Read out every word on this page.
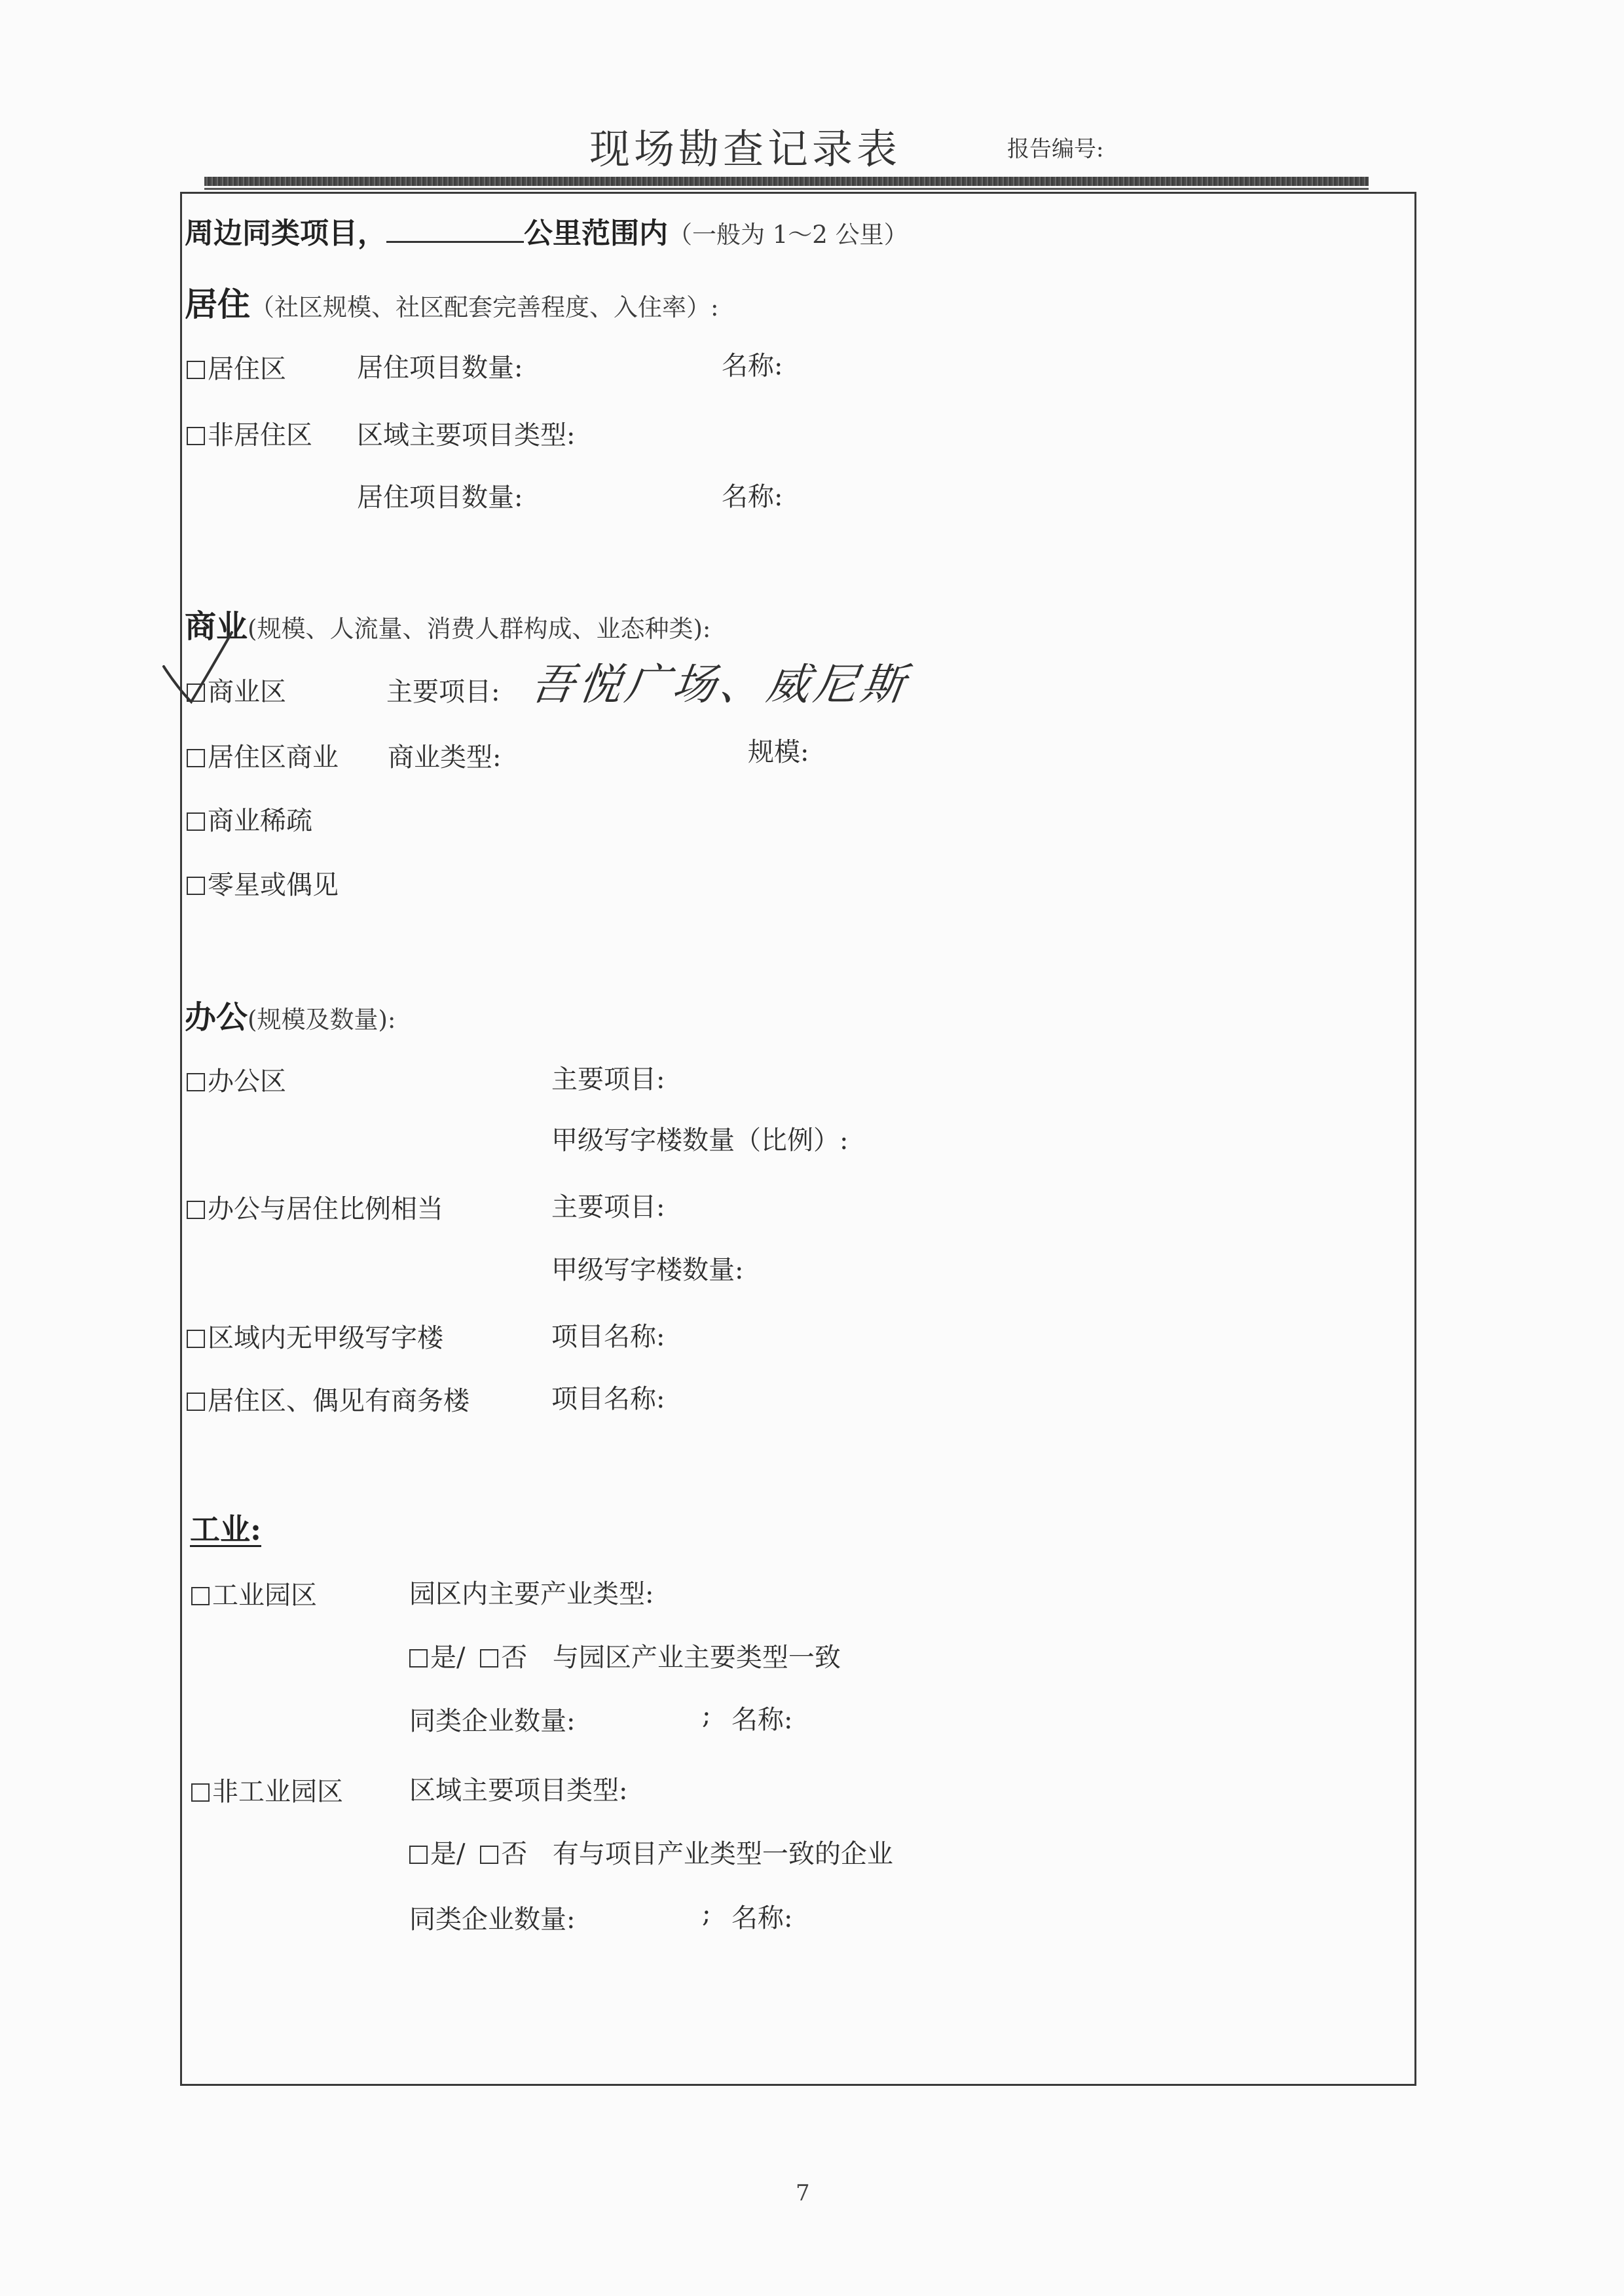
现场勘查记录表	报告编号:
周边同类项目，	公里范围内（一般为 1～2 公里）
居住（社区规模、社区配套完善程度、入住率）:
居住区	居住项目数量:	名称:
非居住区 区域主要项目类型:
居住项目数量:	名称:
商业(规模、人流量、消费人群构成、业态种类):
商业区	主要项目: 吾悦广场、威尼斯
居住区商业 商业类型:	规模:
商业稀疏
零星或偶见
办公(规模及数量):
办公区	主要项目:
甲级写字楼数量（比例）:
办公与居住比例相当	主要项目:
甲级写字楼数量:
区域内无甲级写字楼	项目名称:
居住区、偶见有商务楼	项目名称:
工业:
工业园区	园区内主要产业类型:
是/ 否 与园区产业主要类型一致
同类企业数量:	; 名称:
非工业园区	区域主要项目类型:
是/ 否 有与项目产业类型一致的企业
同类企业数量:	; 名称:
7
